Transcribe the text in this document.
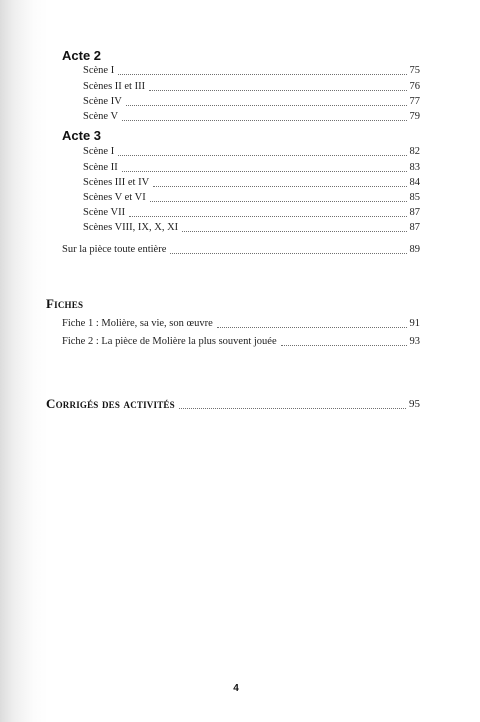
Acte 2
Scène I	75
Scènes II et III	76
Scène IV	77
Scène V	79
Acte 3
Scène I	82
Scène II	83
Scènes III et IV	84
Scènes V et VI	85
Scène VII	87
Scènes VIII, IX, X, XI	87
Sur la pièce toute entière	89
Fiches
Fiche 1 : Molière, sa vie, son œuvre	91
Fiche 2 : La pièce de Molière la plus souvent jouée	93
Corrigés des activités	95
4
